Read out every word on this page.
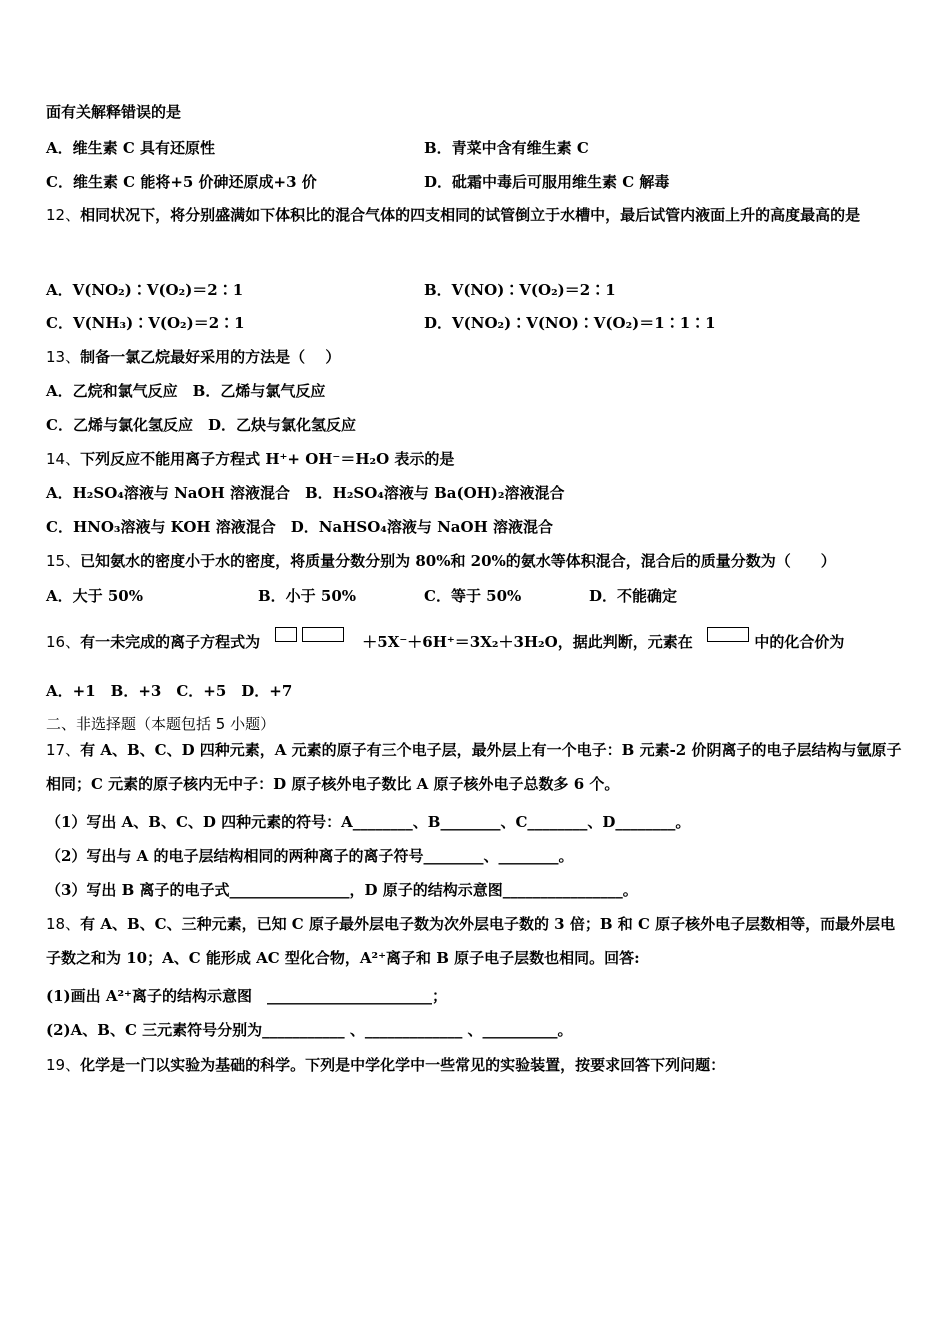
面有关解释错误的是
A．维生素 C 具有还原性	B．青菜中含有维生素 C
C．维生素 C 能将+5 价砷还原成+3 价	D．砒霜中毒后可服用维生素 C 解毒
12、相同状况下，将分别盛满如下体积比的混合气体的四支相同的试管倒立于水槽中，最后试管内液面上升的高度最高的是
A．V(NO₂)∶V(O₂)＝2∶1	B．V(NO)∶V(O₂)＝2∶1
C．V(NH₃)∶V(O₂)＝2∶1	D．V(NO₂)∶V(NO)∶V(O₂)＝1∶1∶1
13、制备一氯乙烷最好采用的方法是（　 ）
A．乙烷和氯气反应　B．乙烯与氯气反应
C．乙烯与氯化氢反应　D．乙炔与氯化氢反应
14、下列反应不能用离子方程式 H⁺+ OH⁻＝H₂O 表示的是
A．H₂SO₄溶液与 NaOH 溶液混合　B．H₂SO₄溶液与 Ba(OH)₂溶液混合
C．HNO₃溶液与 KOH 溶液混合　D．NaHSO₄溶液与 NaOH 溶液混合
15、已知氨水的密度小于水的密度，将质量分数分别为 80%和 20%的氨水等体积混合，混合后的质量分数为（　　）
A．大于 50%	B．小于 50%	C．等于 50%	D．不能确定
16、有一未完成的离子方程式为	＋5X⁻＋6H⁺＝3X₂＋3H₂O，据此判断，元素在	中的化合价为
A．+1　B．+3　C．+5　D．+7
二、非选择题（本题包括 5 小题）
17、有 A、B、C、D 四种元素，A 元素的原子有三个电子层，最外层上有一个电子：B 元素-2 价阴离子的电子层结构与氩原子相同；C 元素的原子核内无中子：D 原子核外电子数比 A 原子核外电子总数多 6 个。
（1）写出 A、B、C、D 四种元素的符号：A________、B________、C________、D________。
（2）写出与 A 的电子层结构相同的两种离子的离子符号________、________。
（3）写出 B 离子的电子式________________，D 原子的结构示意图________________。
18、有 A、B、C、三种元素，已知 C 原子最外层电子数为次外层电子数的 3 倍；B 和 C 原子核外电子层数相等，而最外层电子数之和为 10；A、C 能形成 AC 型化合物，A²⁺离子和 B 原子电子层数也相同。回答:
(1)画出 A²⁺离子的结构示意图　______________________；
(2)A、B、C 三元素符号分别为___________ 、_____________ 、__________。
19、化学是一门以实验为基础的科学。下列是中学化学中一些常见的实验装置，按要求回答下列问题：
